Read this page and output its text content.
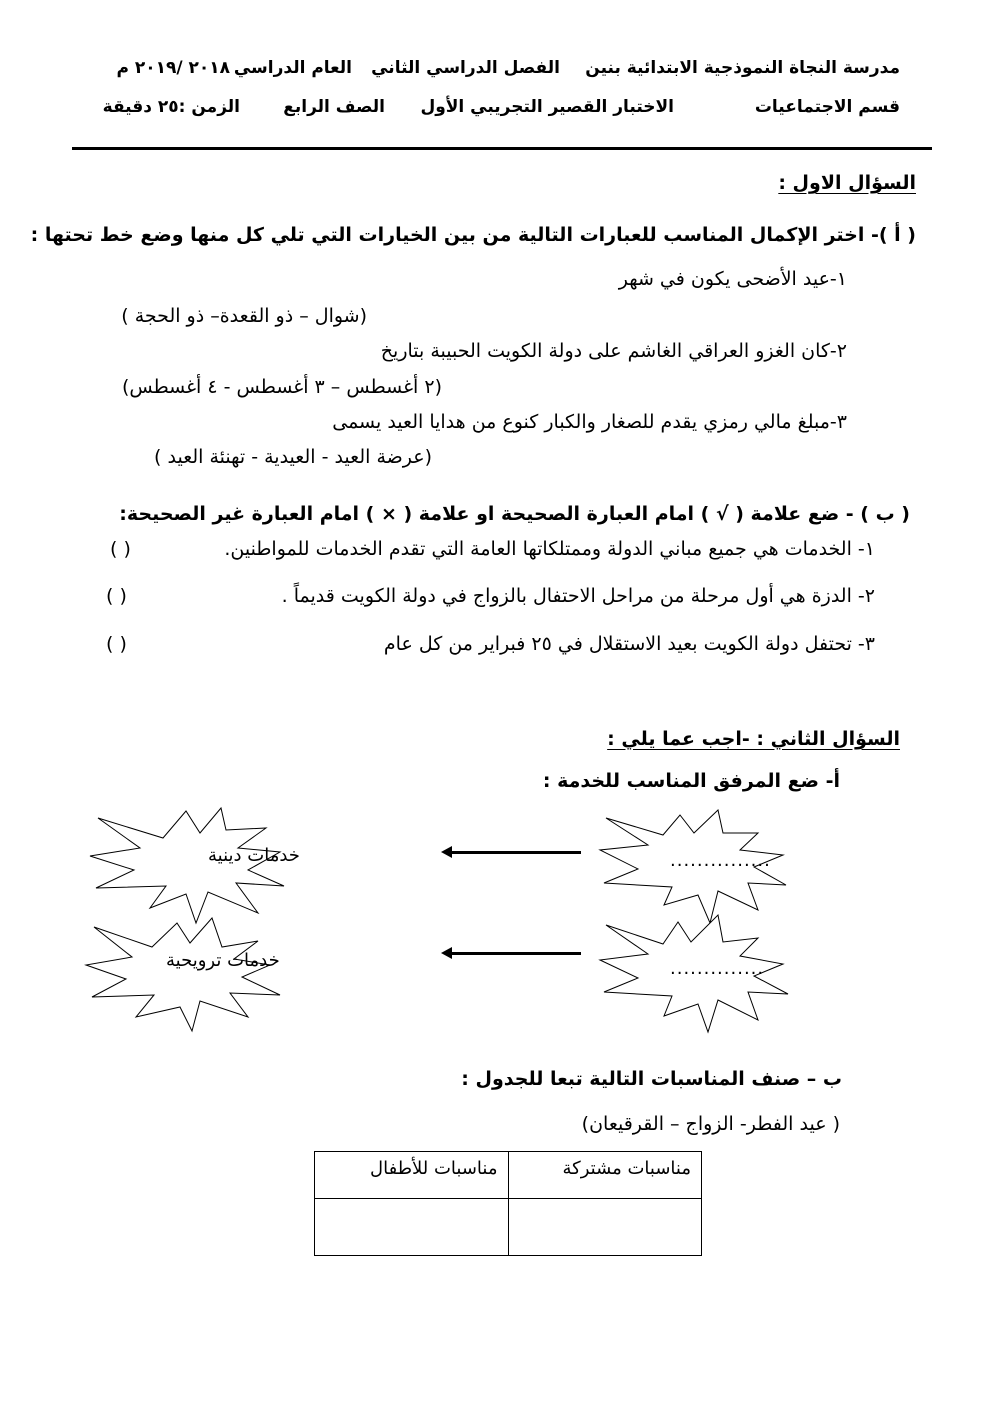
مدرسة النجاة النموذجية الابتدائية بنين
الفصل الدراسي الثاني
العام الدراسي
٢٠١٨ /٢٠١٩ م
قسم الاجتماعيات
الاختبار القصير التجريبي الأول
الصف الرابع
الزمن :٢٥ دقيقة
السؤال الاول :
( أ )- اختر الإكمال المناسب للعبارات التالية من بين الخيارات التي تلي كل منها وضع خط تحتها :
١-عيد الأضحى يكون في شهر
(شوال – ذو القعدة– ذو الحجة )
٢-كان الغزو العراقي الغاشم على دولة الكويت الحبيبة بتاريخ
(٢ أغسطس – ٣ أغسطس - ٤ أغسطس)
٣-مبلغ مالي رمزي يقدم للصغار والكبار كنوع من هدايا العيد يسمى
(عرضة العيد - العيدية - تهنئة العيد )
( ب ) - ضع علامة ( √ ) امام العبارة الصحيحة او علامة ( × ) امام العبارة غير الصحيحة:
١- الخدمات هي جميع مباني الدولة وممتلكاتها العامة التي تقدم الخدمات للمواطنين.
( )
٢- الدزة هي أول مرحلة من مراحل الاحتفال بالزواج في دولة الكويت قديماً .
( )
٣- تحتفل دولة الكويت بعيد الاستقلال في ٢٥ فبراير من كل عام
( )
السؤال الثاني : -اجب عما يلي :
أ- ضع المرفق المناسب للخدمة :
خدمات دينية	...............
خدمات ترويحية	..............
ب – صنف المناسبات التالية تبعا للجدول :
( عيد الفطر- الزواج – القرقيعان)
مناسبات مشتركة	مناسبات للأطفال
